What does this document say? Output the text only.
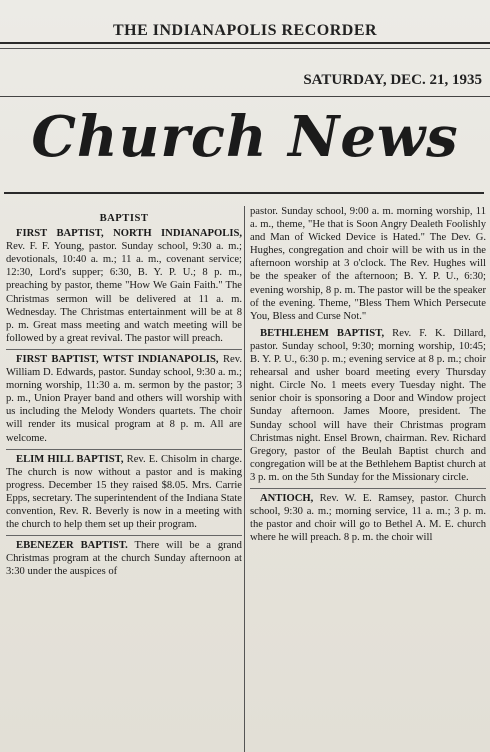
THE INDIANAPOLIS RECORDER
SATURDAY, DEC. 21, 1935
Church News
BAPTIST

FIRST BAPTIST, NORTH INDIANAPOLIS, Rev. F. F. Young, pastor. Sunday school, 9:30 a. m.; devotionals, 10:40 a. m.; 11 a. m., covenant service; 12:30, Lord's supper; 6:30, B. Y. P. U.; 8 p. m., preaching by pastor, theme "How We Gain Faith." The Christmas sermon will be delivered at 11 a. m. Wednesday. The Christmas entertainment will be at 8 p. m. Great mass meeting and watch meeting will be followed by a great revival. The pastor will preach.

FIRST BAPTIST, WTST INDIANAPOLIS, Rev. William D. Edwards, pastor. Sunday school, 9:30 a. m.; morning worship, 11:30 a. m. sermon by the pastor; 3 p. m., Union Prayer band and others will worship with us including the Melody Wonders quartets. The choir will render its musical program at 8 p. m. All are welcome.

ELIM HILL BAPTIST, Rev. E. Chisolm in charge. The church is now without a pastor and is making progress. December 15 they raised $8.05. Mrs. Carrie Epps, secretary. The superintendent of the Indiana State convention, Rev. R. Beverly is now in a meeting with the church to help them set up their program.

EBENEZER BAPTIST. There will be a grand Christmas program at the church Sunday afternoon at 3:30 under the auspices of

pastor. Sunday school, 9:00 a. m. morning worship, 11 a. m., theme, "He that is Soon Angry Dealeth Foolishly and Man of Wicked Device is Hated." The Dev. G. Hughes, congregation and choir will be with us in the afternoon worship at 3 o'clock. The Rev. Hughes will be the speaker of the afternoon; B. Y. P. U., 6:30; evening worship, 8 p. m. The pastor will be the speaker of the evening. Theme, "Bless Them Which Persecute You, Bless and Curse Not."

BETHLEHEM BAPTIST, Rev. F. K. Dillard, pastor. Sunday school, 9:30; morning worship, 10:45; B. Y. P. U., 6:30 p. m.; evening service at 8 p. m.; choir rehearsal and usher board meeting every Thursday night. Circle No. 1 meets every Tuesday night. The senior choir is sponsoring a Door and Window project Sunday afternoon. James Moore, president. The Sunday school will have their Christmas program Christmas night. Ensel Brown, chairman. Rev. Richard Gregory, pastor of the Beulah Baptist church and congregation will be at the Bethlehem Baptist church at 3 p. m. on the 5th Sunday for the Missionary circle.

ANTIOCH, Rev. W. E. Ramsey, pastor. Church school, 9:30 a. m.; morning service, 11 a. m.; 3 p. m. the pastor and choir will go to Bethel A. M. E. church where he will preach. 8 p. m. the choir will
